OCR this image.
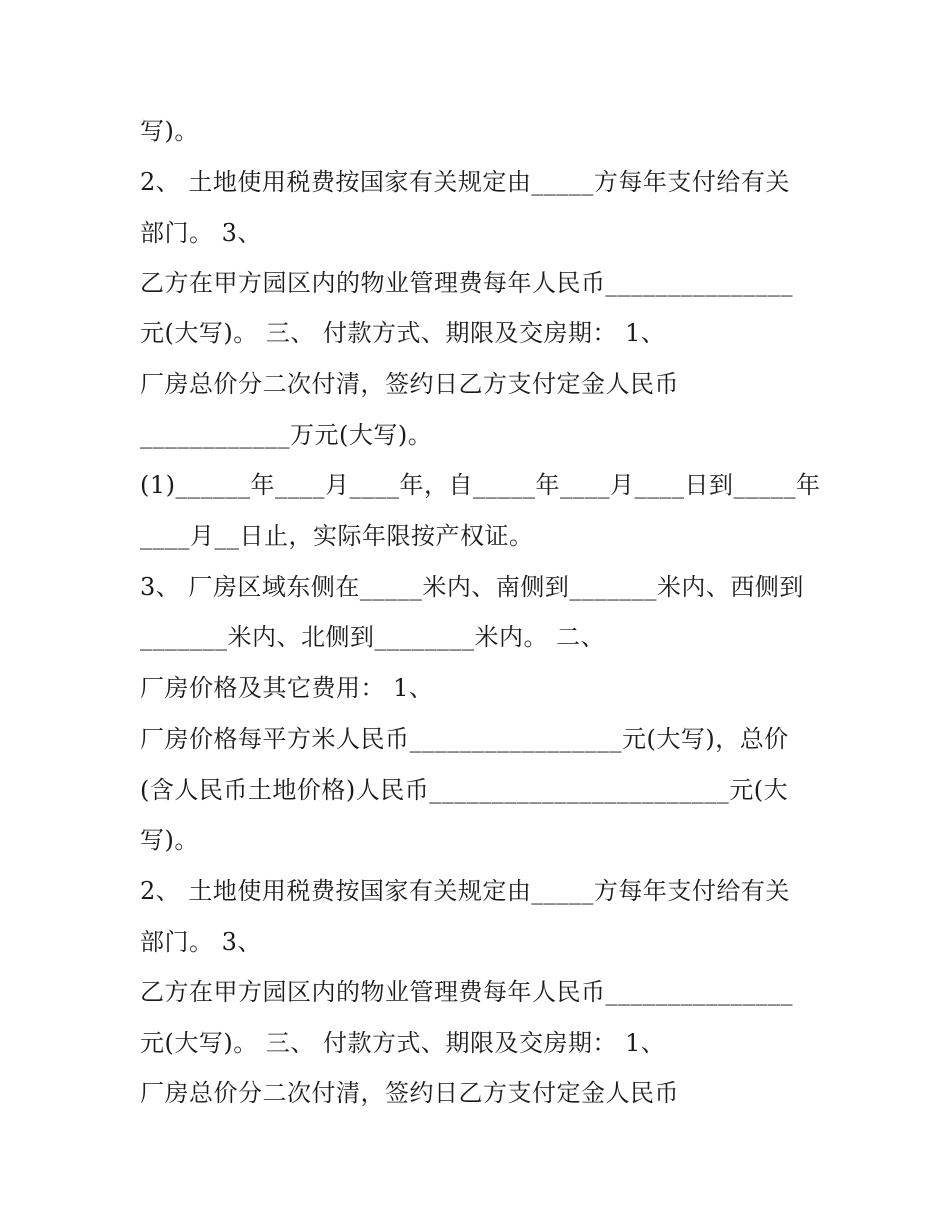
写)。
2、 土地使用税费按国家有关规定由_____方每年支付给有关
部门。 3、
乙方在甲方园区内的物业管理费每年人民币_______________
元(大写)。 三、 付款方式、期限及交房期： 1、
厂房总价分二次付清，签约日乙方支付定金人民币
____________万元(大写)。
(1)______年____月____年，自_____年____月____日到_____年
____月__日止，实际年限按产权证。
3、 厂房区域东侧在_____米内、南侧到_______米内、西侧到
_______米内、北侧到________米内。 二、
厂房价格及其它费用： 1、
厂房价格每平方米人民币_________________元(大写)，总价
(含人民币土地价格)人民币________________________元(大
写)。
2、 土地使用税费按国家有关规定由_____方每年支付给有关
部门。 3、
乙方在甲方园区内的物业管理费每年人民币_______________
元(大写)。 三、 付款方式、期限及交房期： 1、
厂房总价分二次付清，签约日乙方支付定金人民币
